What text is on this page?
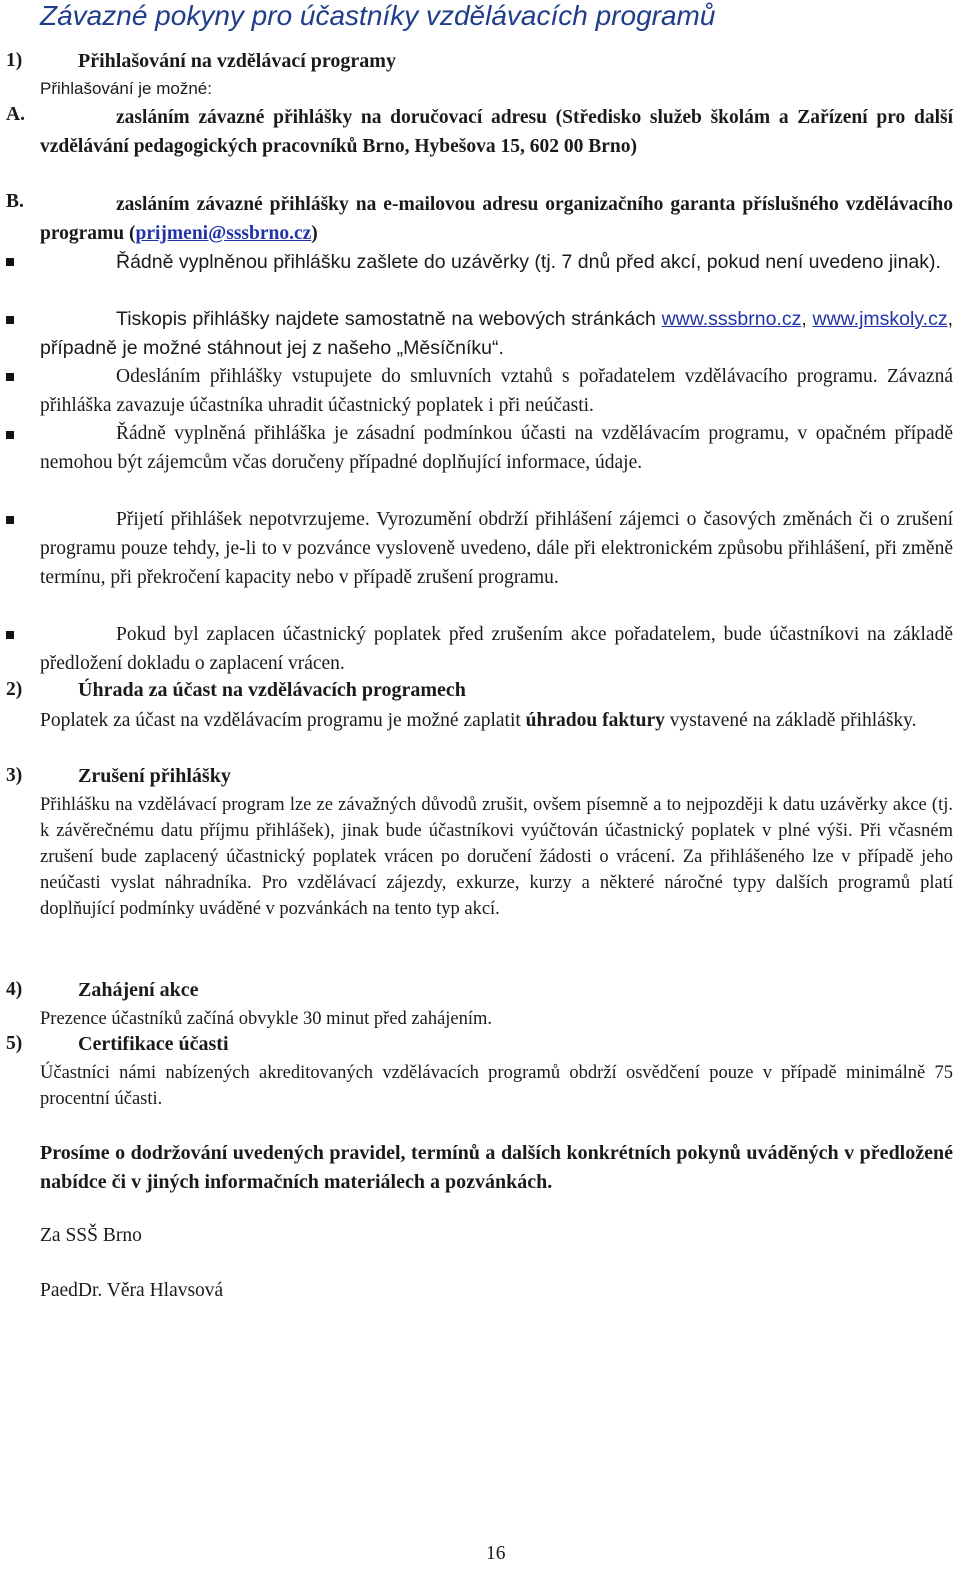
Závazné pokyny pro účastníky vzdělávacích programů
1)	Přihlašování na vzdělávací programy
Přihlašování je možné:
A.	zasláním závazné přihlášky na doručovací adresu (Středisko služeb školám a Zařízení pro další vzdělávání pedagogických pracovníků Brno, Hybešova 15, 602 00 Brno)
B.	zasláním závazné přihlášky na e-mailovou adresu organizačního garanta příslušného vzdělávacího programu (prijmeni@sssbrno.cz)
Řádně vyplněnou přihlášku zašlete do uzávěrky (tj. 7 dnů před akcí, pokud není uvedeno jinak).
Tiskopis přihlášky najdete samostatně na webových stránkách www.sssbrno.cz, www.jmskoly.cz, případně je možné stáhnout jej z našeho „Měsíčníku“.
Odesláním přihlášky vstupujete do smluvních vztahů s pořadatelem vzdělávacího programu. Závazná přihláška zavazuje účastníka uhradit účastnický poplatek i při neúčasti.
Řádně vyplněná přihláška je zásadní podmínkou účasti na vzdělávacím programu, v opačném případě nemohou být zájemcům včas doručeny případné doplňující informace, údaje.
Přijetí přihlášek nepotvrzujeme. Vyrozumění obdrží přihlášení zájemci o časových změnách či o zrušení programu pouze tehdy, je-li to v pozvánce vysloveně uvedeno, dále při elektronickém způsobu přihlášení, při změně termínu, při překročení kapacity nebo v případě zrušení programu.
Pokud byl zaplacen účastnický poplatek před zrušením akce pořadatelem, bude účastníkovi na základě předložení dokladu o zaplacení vrácen.
2)	Úhrada za účast na vzdělávacích programech
Poplatek za účast na vzdělávacím programu je možné zaplatit úhradou faktury vystavené na základě přihlášky.
3)	Zrušení přihlášky
Přihlášku na vzdělávací program lze ze závažných důvodů zrušit, ovšem písemně a to nejpozději k datu uzávěrky akce (tj. k závěrečnému datu příjmu přihlášek), jinak bude účastníkovi vyúčtován účastnický poplatek v plné výši. Při včasném zrušení bude zaplacený účastnický poplatek vrácen po doručení žádosti o vrácení. Za přihlášeného lze v případě jeho neúčasti vyslat náhradníka. Pro vzdělávací zájezdy, exkurze, kurzy a některé náročné typy dalších programů platí doplňující podmínky uváděné v pozvánkách na tento typ akcí.
4)	Zahájení akce
Prezence účastníků začíná obvykle 30 minut před zahájením.
5)	Certifikace účasti
Účastníci námi nabízených akreditovaných vzdělávacích programů obdrží osvědčení pouze v případě minimálně 75 procentní účasti.
Prosíme o dodržování uvedených pravidel, termínů a dalších konkrétních pokynů uváděných v předložené nabídce či v jiných informačních materiálech a pozvánkách.
Za SSŠ Brno
PaedDr. Věra Hlavsová
16
